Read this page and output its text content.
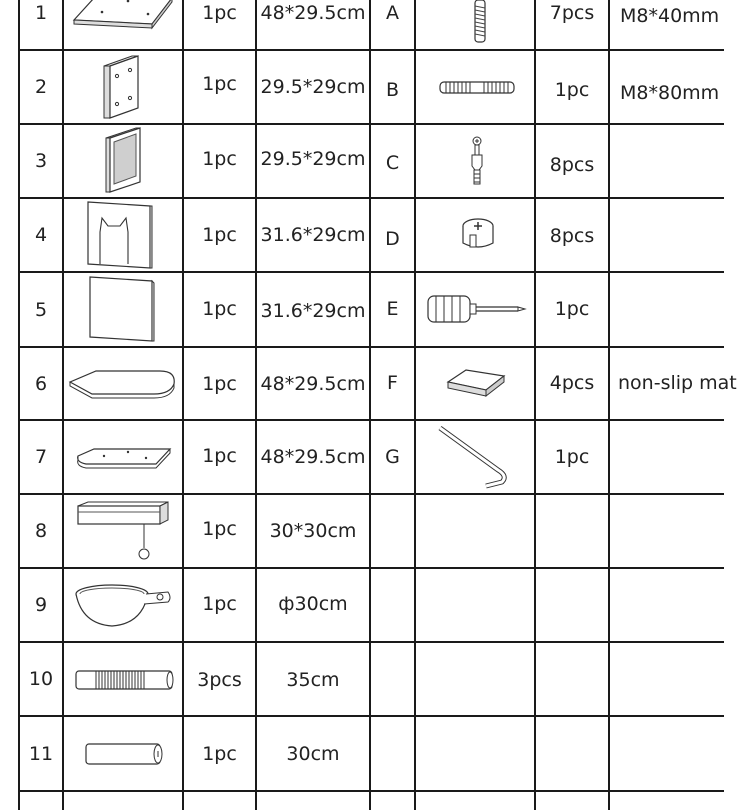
1	1pc	48*29.5cm	A	7pcs	M8*40mm
2	1pc	29.5*29cm	B	1pc	M8*80mm
3	1pc	29.5*29cm	C	8pcs
4	1pc	31.6*29cm	D	8pcs
5	1pc	31.6*29cm	E	1pc
6	1pc	48*29.5cm	F	4pcs	non-slip mat
7	1pc	48*29.5cm	G	1pc
8	1pc	30*30cm
9	1pc	ф30cm
10	3pcs	35cm
11	1pc	30cm
